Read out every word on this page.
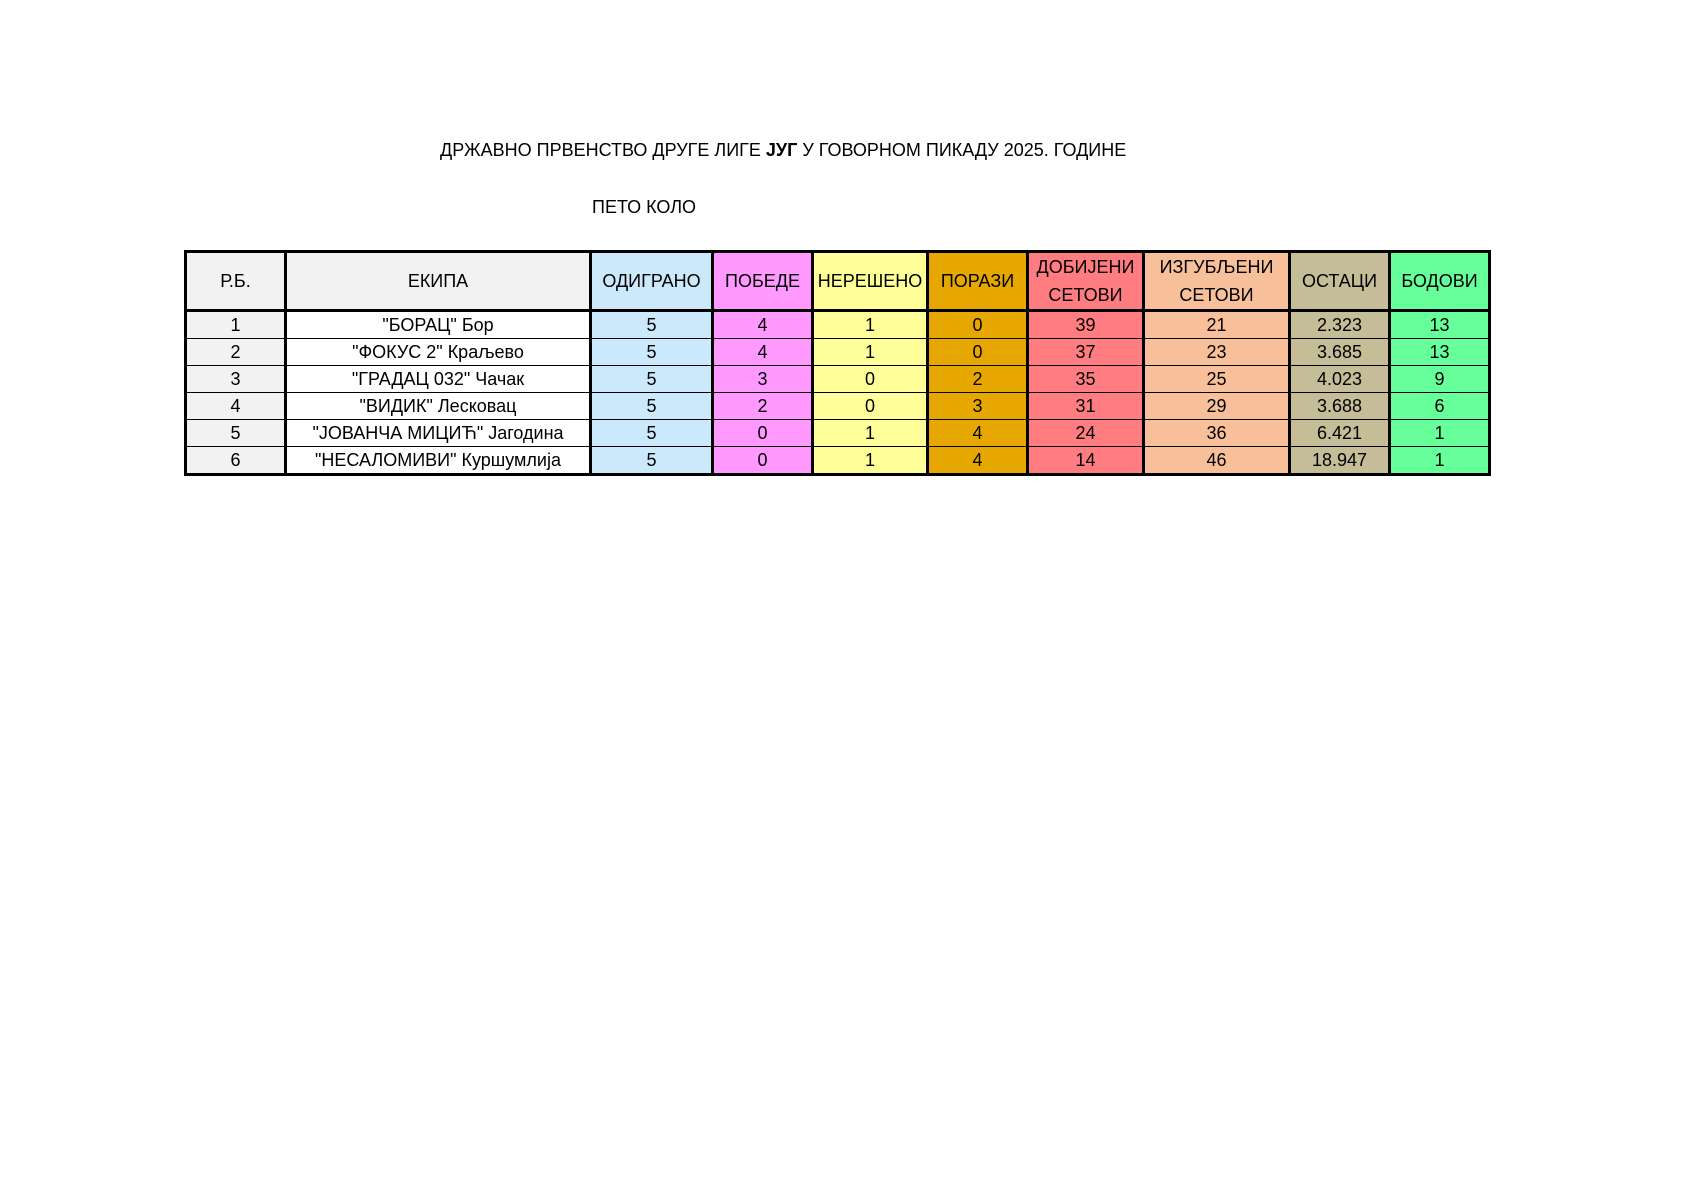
ДРЖАВНО ПРВЕНСТВО ДРУГЕ ЛИГЕ ЈУГ У ГОВОРНОМ ПИКАДУ 2025. ГОДИНЕ
ПЕТО КОЛО
Р.Б.	ЕКИПА	ОДИГРАНО	ПОБЕДЕ	НЕРЕШЕНО	ПОРАЗИ	ДОБИЈЕНИ СЕТОВИ	ИЗГУБЉЕНИ СЕТОВИ	ОСТАЦИ	БОДОВИ
1	"БОРАЦ" Бор	5	4	1	0	39	21	2.323	13
2	"ФОКУС 2" Краљево	5	4	1	0	37	23	3.685	13
3	"ГРАДАЦ 032" Чачак	5	3	0	2	35	25	4.023	9
4	"ВИДИК" Лесковац	5	2	0	3	31	29	3.688	6
5	"ЈОВАНЧА МИЦИЋ" Јагодина	5	0	1	4	24	36	6.421	1
6	"НЕСАЛОМИВИ" Куршумлија	5	0	1	4	14	46	18.947	1
